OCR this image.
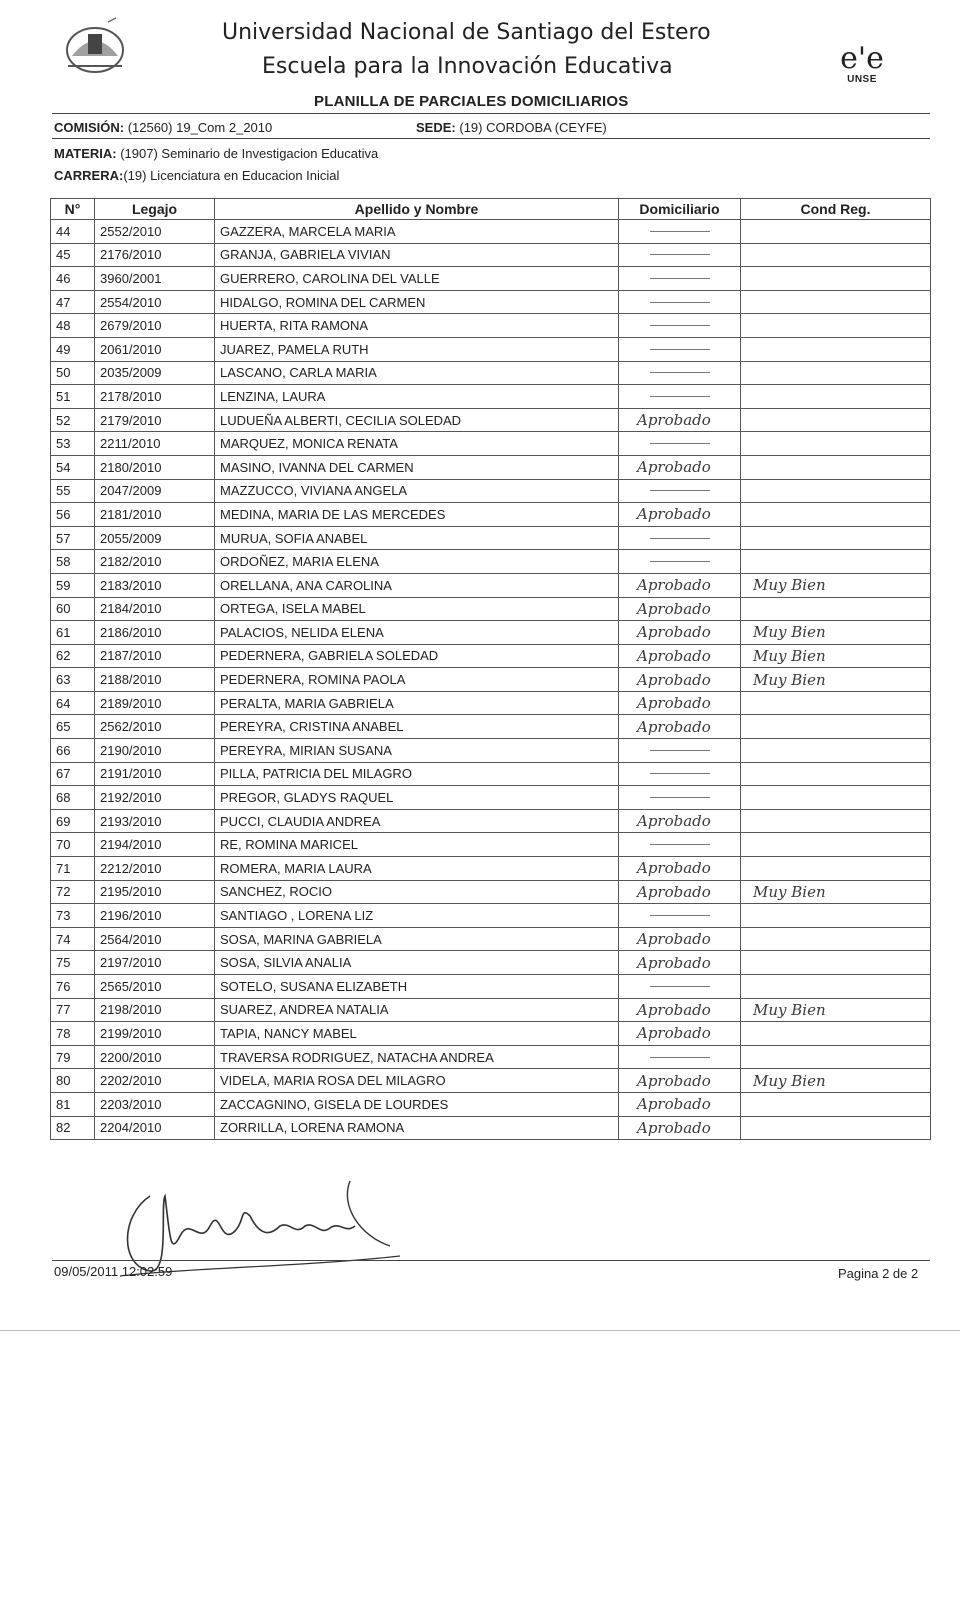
Universidad Nacional de Santiago del Estero
Escuela para la Innovación Educativa	e'e
UNSE
PLANILLA DE PARCIALES DOMICILIARIOS
COMISIÓN: (12560) 19_Com 2_2010	SEDE: (19) CORDOBA (CEYFE)
MATERIA: (1907) Seminario de Investigacion Educativa
CARRERA:(19) Licenciatura en Educacion Inicial
N°	Legajo	Apellido y Nombre	Domiciliario	Cond Reg.
44	2552/2010	GAZZERA, MARCELA MARIA	

45	2176/2010	GRANJA, GABRIELA VIVIAN	

46	3960/2001	GUERRERO, CAROLINA DEL VALLE	

47	2554/2010	HIDALGO, ROMINA DEL CARMEN	

48	2679/2010	HUERTA, RITA RAMONA	

49	2061/2010	JUAREZ, PAMELA RUTH	

50	2035/2009	LASCANO, CARLA MARIA	

51	2178/2010	LENZINA, LAURA	

52	2179/2010	LUDUEÑA ALBERTI, CECILIA SOLEDAD	Aprobado	
53	2211/2010	MARQUEZ, MONICA RENATA	

54	2180/2010	MASINO, IVANNA DEL CARMEN	Aprobado	
55	2047/2009	MAZZUCCO, VIVIANA ANGELA	

56	2181/2010	MEDINA, MARIA DE LAS MERCEDES	Aprobado	
57	2055/2009	MURUA, SOFIA ANABEL	

58	2182/2010	ORDOÑEZ, MARIA ELENA	

59	2183/2010	ORELLANA, ANA CAROLINA	Aprobado	Muy Bien
60	2184/2010	ORTEGA, ISELA MABEL	Aprobado	
61	2186/2010	PALACIOS, NELIDA ELENA	Aprobado	Muy Bien
62	2187/2010	PEDERNERA, GABRIELA SOLEDAD	Aprobado	Muy Bien
63	2188/2010	PEDERNERA, ROMINA PAOLA	Aprobado	Muy Bien
64	2189/2010	PERALTA, MARIA GABRIELA	Aprobado	
65	2562/2010	PEREYRA, CRISTINA ANABEL	Aprobado	
66	2190/2010	PEREYRA, MIRIAN SUSANA	

67	2191/2010	PILLA, PATRICIA DEL MILAGRO	

68	2192/2010	PREGOR, GLADYS RAQUEL	

69	2193/2010	PUCCI, CLAUDIA ANDREA	Aprobado	
70	2194/2010	RE, ROMINA MARICEL	

71	2212/2010	ROMERA, MARIA LAURA	Aprobado	
72	2195/2010	SANCHEZ, ROCIO	Aprobado	Muy Bien
73	2196/2010	SANTIAGO , LORENA LIZ	

74	2564/2010	SOSA, MARINA GABRIELA	Aprobado	
75	2197/2010	SOSA, SILVIA ANALIA	Aprobado	
76	2565/2010	SOTELO, SUSANA ELIZABETH	

77	2198/2010	SUAREZ, ANDREA NATALIA	Aprobado	Muy Bien
78	2199/2010	TAPIA, NANCY MABEL	Aprobado	
79	2200/2010	TRAVERSA RODRIGUEZ, NATACHA ANDREA	

80	2202/2010	VIDELA, MARIA ROSA DEL MILAGRO	Aprobado	Muy Bien
81	2203/2010	ZACCAGNINO, GISELA DE LOURDES	Aprobado	
82	2204/2010	ZORRILLA, LORENA RAMONA	Aprobado	
09/05/2011 12:02:59	Pagina 2 de 2
